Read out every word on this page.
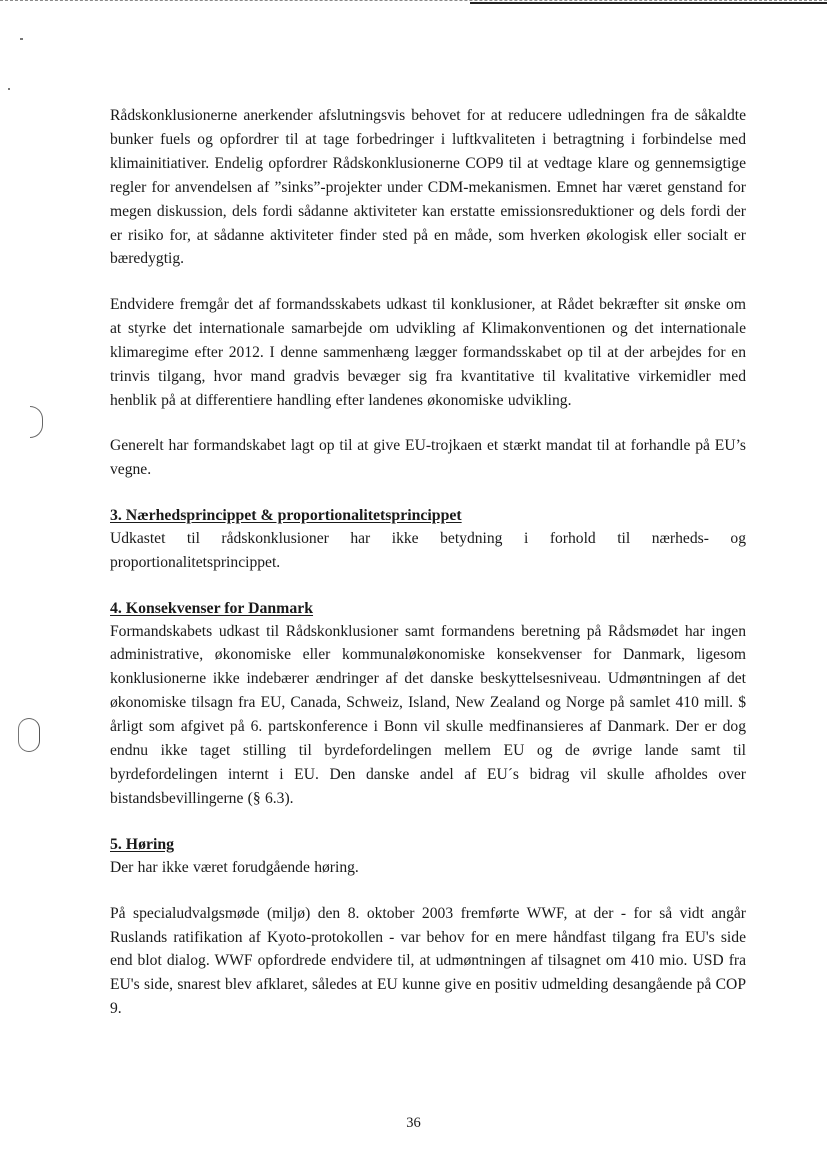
Rådskonklusionerne anerkender afslutningsvis behovet for at reducere udledningen fra de såkaldte bunker fuels og opfordrer til at tage forbedringer i luftkvaliteten i betragtning i forbindelse med klimainitiativer. Endelig opfordrer Rådskonklusionerne COP9 til at vedtage klare og gennemsigtige regler for anvendelsen af ”sinks”-projekter under CDM-mekanismen. Emnet har været genstand for megen diskussion, dels fordi sådanne aktiviteter kan erstatte emissionsreduktioner og dels fordi der er risiko for, at sådanne aktiviteter finder sted på en måde, som hverken økologisk eller socialt er bæredygtig.

Endvidere fremgår det af formandsskabets udkast til konklusioner, at Rådet bekræfter sit ønske om at styrke det internationale samarbejde om udvikling af Klimakonventionen og det internationale klimaregime efter 2012. I denne sammenhæng lægger formandsskabet op til at der arbejdes for en trinvis tilgang, hvor mand gradvis bevæger sig fra kvantitative til kvalitative virkemidler med henblik på at differentiere handling efter landenes økonomiske udvikling.

Generelt har formandskabet lagt op til at give EU-trojkaen et stærkt mandat til at forhandle på EU’s vegne.

3. Nærhedsprincippet & proportionalitetsprincippet

Udkastet til rådskonklusioner har ikke betydning i forhold til nærheds- og proportionalitetsprincippet.

4. Konsekvenser for Danmark

Formandskabets udkast til Rådskonklusioner samt formandens beretning på Rådsmødet har ingen administrative, økonomiske eller kommunaløkonomiske konsekvenser for Danmark, ligesom konklusionerne ikke indebærer ændringer af det danske beskyttelsesniveau. Udmøntningen af det økonomiske tilsagn fra EU, Canada, Schweiz, Island, New Zealand og Norge på samlet 410 mill. $ årligt som afgivet på 6. partskonference i Bonn vil skulle medfinansieres af Danmark. Der er dog endnu ikke taget stilling til byrdefordelingen mellem EU og de øvrige lande samt til byrdefordelingen internt i EU. Den danske andel af EU´s bidrag vil skulle afholdes over bistandsbevillingerne (§ 6.3).

5. Høring

Der har ikke været forudgående høring.

På specialudvalgsmøde (miljø) den 8. oktober 2003 fremførte WWF, at der - for så vidt angår Ruslands ratifikation af Kyoto-protokollen - var behov for en mere håndfast tilgang fra EU's side end blot dialog. WWF opfordrede endvidere til, at udmøntningen af tilsagnet om 410 mio. USD fra EU's side, snarest blev afklaret, således at EU kunne give en positiv udmelding desangående på COP 9.

36
